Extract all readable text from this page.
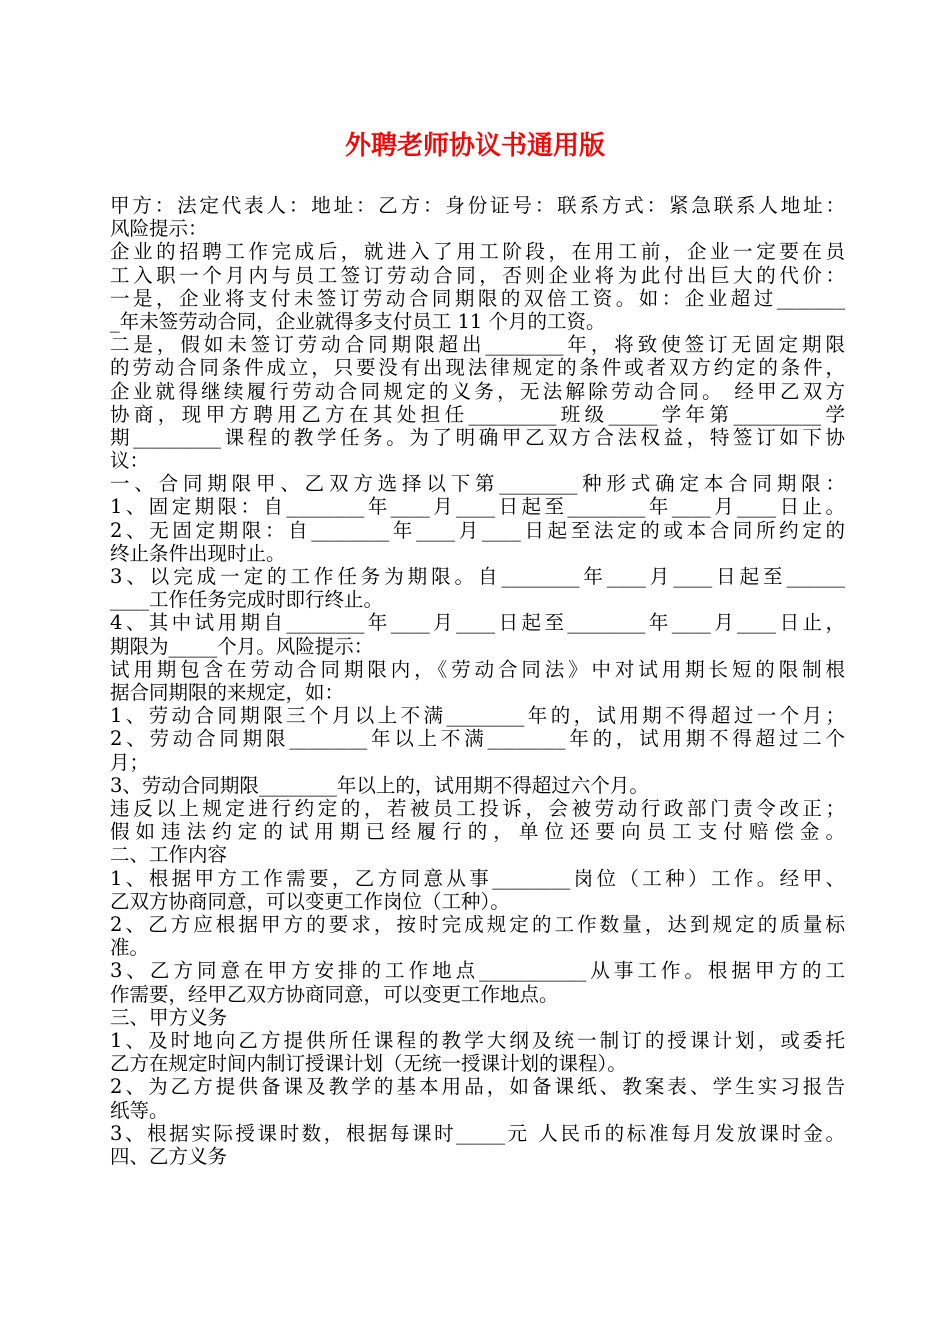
外聘老师协议书通用版
甲方：法定代表人：地址：乙方：身份证号：联系方式：紧急联系人地址：
风险提示：
企业的招聘工作完成后，就进入了用工阶段，在用工前，企业一定要在员
工入职一个月内与员工签订劳动合同，否则企业将为此付出巨大的代价：
一是，企业将支付未签订劳动合同期限的双倍工资。如：企业超过_______
_年未签劳动合同，企业就得多支付员工 11 个月的工资。
二是，假如未签订劳动合同期限超出________年，将致使签订无固定期限
的劳动合同条件成立，只要没有出现法律规定的条件或者双方约定的条件，
企业就得继续履行劳动合同规定的义务，无法解除劳动合同。 经甲乙双方
协商，现甲方聘用乙方在其处担任_________班级_____学年第_________学
期_________课程的教学任务。为了明确甲乙双方合法权益，特签订如下协
议：
一、合同期限甲、乙双方选择以下第________种形式确定本合同期限：
1、固定期限：自________年____月____日起至________年____月____日止。
2、无固定期限：自________年____月____日起至法定的或本合同所约定的
终止条件出现时止。
3、以完成一定的工作任务为期限。自________年____月____日起至______
____工作任务完成时即行终止。
4、其中试用期自________年____月____日起至________年____月____日止，
期限为_____个月。风险提示：
试用期包含在劳动合同期限内，《劳动合同法》中对试用期长短的限制根
据合同期限的来规定，如：
1、劳动合同期限三个月以上不满________年的，试用期不得超过一个月；
2、劳动合同期限________年以上不满________年的，试用期不得超过二个
月；
3、劳动合同期限________年以上的，试用期不得超过六个月。
违反以上规定进行约定的，若被员工投诉，会被劳动行政部门责令改正；
假如违法约定的试用期已经履行的，单位还要向员工支付赔偿金。
二、工作内容
1、根据甲方工作需要，乙方同意从事________岗位（工种）工作。经甲、
乙双方协商同意，可以变更工作岗位（工种）。
2、乙方应根据甲方的要求，按时完成规定的工作数量，达到规定的质量标
准。
3、乙方同意在甲方安排的工作地点___________从事工作。根据甲方的工
作需要，经甲乙双方协商同意，可以变更工作地点。
三、甲方义务
1、及时地向乙方提供所任课程的教学大纲及统一制订的授课计划，或委托
乙方在规定时间内制订授课计划（无统一授课计划的课程）。
2、为乙方提供备课及教学的基本用品，如备课纸、教案表、学生实习报告
纸等。
3、根据实际授课时数，根据每课时_____元 人民币的标准每月发放课时金。
四、乙方义务
